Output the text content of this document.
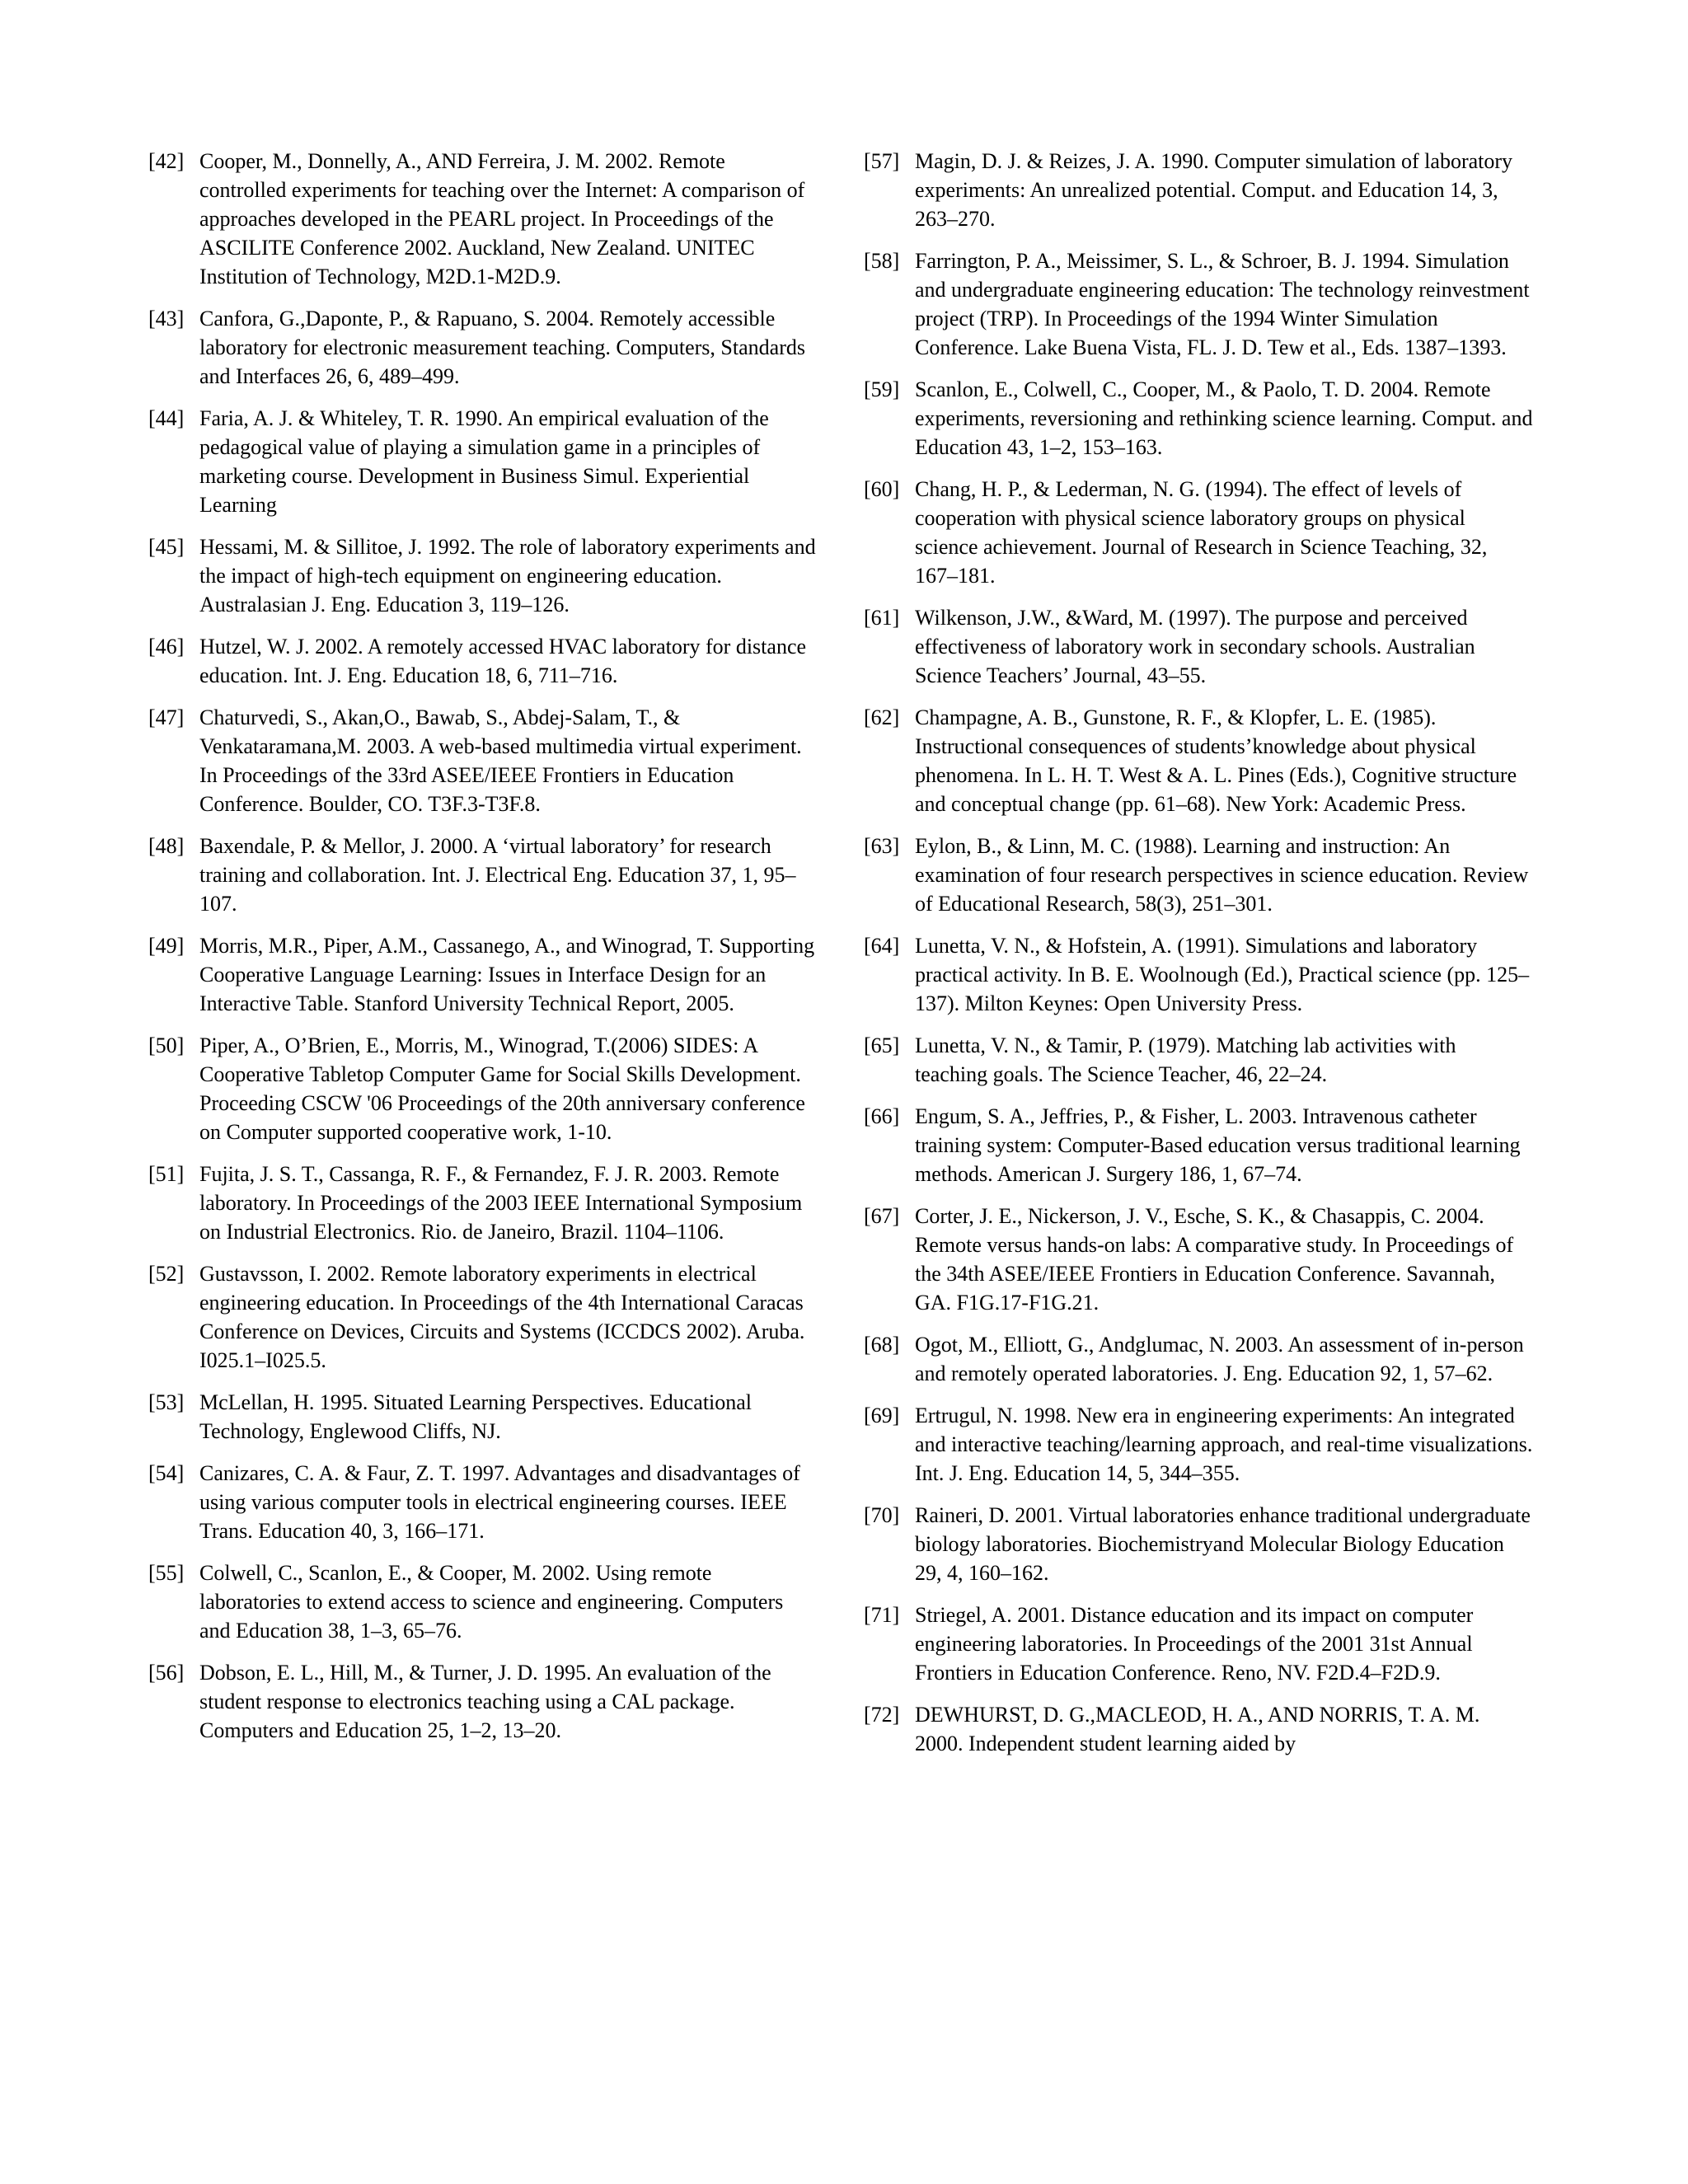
[42] Cooper, M., Donnelly, A., AND Ferreira, J. M. 2002. Remote controlled experiments for teaching over the Internet: A comparison of approaches developed in the PEARL project. In Proceedings of the ASCILITE Conference 2002. Auckland, New Zealand. UNITEC Institution of Technology, M2D.1-M2D.9.
[43] Canfora, G.,Daponte, P., & Rapuano, S. 2004. Remotely accessible laboratory for electronic measurement teaching. Computers, Standards and Interfaces 26, 6, 489–499.
[44] Faria, A. J. & Whiteley, T. R. 1990. An empirical evaluation of the pedagogical value of playing a simulation game in a principles of marketing course. Development in Business Simul. Experiential Learning
[45] Hessami, M. & Sillitoe, J. 1992. The role of laboratory experiments and the impact of high-tech equipment on engineering education. Australasian J. Eng. Education 3, 119–126.
[46] Hutzel, W. J. 2002. A remotely accessed HVAC laboratory for distance education. Int. J. Eng. Education 18, 6, 711–716.
[47] Chaturvedi, S., Akan,O., Bawab, S., Abdej-Salam, T., & Venkataramana,M. 2003. A web-based multimedia virtual experiment. In Proceedings of the 33rd ASEE/IEEE Frontiers in Education Conference. Boulder, CO. T3F.3-T3F.8.
[48] Baxendale, P. & Mellor, J. 2000. A ‘virtual laboratory’ for research training and collaboration. Int. J. Electrical Eng. Education 37, 1, 95–107.
[49] Morris, M.R., Piper, A.M., Cassanego, A., and Winograd, T. Supporting Cooperative Language Learning: Issues in Interface Design for an Interactive Table. Stanford University Technical Report, 2005.
[50] Piper, A., O’Brien, E., Morris, M., Winograd, T.(2006) SIDES: A Cooperative Tabletop Computer Game for Social Skills Development. Proceeding CSCW '06 Proceedings of the 20th anniversary conference on Computer supported cooperative work, 1-10.
[51] Fujita, J. S. T., Cassanga, R. F., & Fernandez, F. J. R. 2003. Remote laboratory. In Proceedings of the 2003 IEEE International Symposium on Industrial Electronics. Rio. de Janeiro, Brazil. 1104–1106.
[52] Gustavsson, I. 2002. Remote laboratory experiments in electrical engineering education. In Proceedings of the 4th International Caracas Conference on Devices, Circuits and Systems (ICCDCS 2002). Aruba. I025.1–I025.5.
[53] McLellan, H. 1995. Situated Learning Perspectives. Educational Technology, Englewood Cliffs, NJ.
[54] Canizares, C. A. & Faur, Z. T. 1997. Advantages and disadvantages of using various computer tools in electrical engineering courses. IEEE Trans. Education 40, 3, 166–171.
[55] Colwell, C., Scanlon, E., & Cooper, M. 2002. Using remote laboratories to extend access to science and engineering. Computers and Education 38, 1–3, 65–76.
[56] Dobson, E. L., Hill, M., & Turner, J. D. 1995. An evaluation of the student response to electronics teaching using a CAL package. Computers and Education 25, 1–2, 13–20.
[57] Magin, D. J. & Reizes, J. A. 1990. Computer simulation of laboratory experiments: An unrealized potential. Comput. and Education 14, 3, 263–270.
[58] Farrington, P. A., Meissimer, S. L., & Schroer, B. J. 1994. Simulation and undergraduate engineering education: The technology reinvestment project (TRP). In Proceedings of the 1994 Winter Simulation Conference. Lake Buena Vista, FL. J. D. Tew et al., Eds. 1387–1393.
[59] Scanlon, E., Colwell, C., Cooper, M., & Paolo, T. D. 2004. Remote experiments, reversioning and rethinking science learning. Comput. and Education 43, 1–2, 153–163.
[60] Chang, H. P., & Lederman, N. G. (1994). The effect of levels of cooperation with physical science laboratory groups on physical science achievement. Journal of Research in Science Teaching, 32, 167–181.
[61] Wilkenson, J.W., &Ward, M. (1997). The purpose and perceived effectiveness of laboratory work in secondary schools. Australian Science Teachers’ Journal, 43–55.
[62] Champagne, A. B., Gunstone, R. F., & Klopfer, L. E. (1985). Instructional consequences of students’knowledge about physical phenomena. In L. H. T. West & A. L. Pines (Eds.), Cognitive structure and conceptual change (pp. 61–68). New York: Academic Press.
[63] Eylon, B., & Linn, M. C. (1988). Learning and instruction: An examination of four research perspectives in science education. Review of Educational Research, 58(3), 251–301.
[64] Lunetta, V. N., & Hofstein, A. (1991). Simulations and laboratory practical activity. In B. E. Woolnough (Ed.), Practical science (pp. 125–137). Milton Keynes: Open University Press.
[65] Lunetta, V. N., & Tamir, P. (1979). Matching lab activities with teaching goals. The Science Teacher, 46, 22–24.
[66] Engum, S. A., Jeffries, P., & Fisher, L. 2003. Intravenous catheter training system: Computer-Based education versus traditional learning methods. American J. Surgery 186, 1, 67–74.
[67] Corter, J. E., Nickerson, J. V., Esche, S. K., & Chasappis, C. 2004. Remote versus hands-on labs: A comparative study. In Proceedings of the 34th ASEE/IEEE Frontiers in Education Conference. Savannah, GA. F1G.17-F1G.21.
[68] Ogot, M., Elliott, G., Andglumac, N. 2003. An assessment of in-person and remotely operated laboratories. J. Eng. Education 92, 1, 57–62.
[69] Ertrugul, N. 1998. New era in engineering experiments: An integrated and interactive teaching/learning approach, and real-time visualizations. Int. J. Eng. Education 14, 5, 344–355.
[70] Raineri, D. 2001. Virtual laboratories enhance traditional undergraduate biology laboratories. Biochemistryand Molecular Biology Education 29, 4, 160–162.
[71] Striegel, A. 2001. Distance education and its impact on computer engineering laboratories. In Proceedings of the 2001 31st Annual Frontiers in Education Conference. Reno, NV. F2D.4–F2D.9.
[72] DEWHURST, D. G.,MACLEOD, H. A., AND NORRIS, T. A. M. 2000. Independent student learning aided by
